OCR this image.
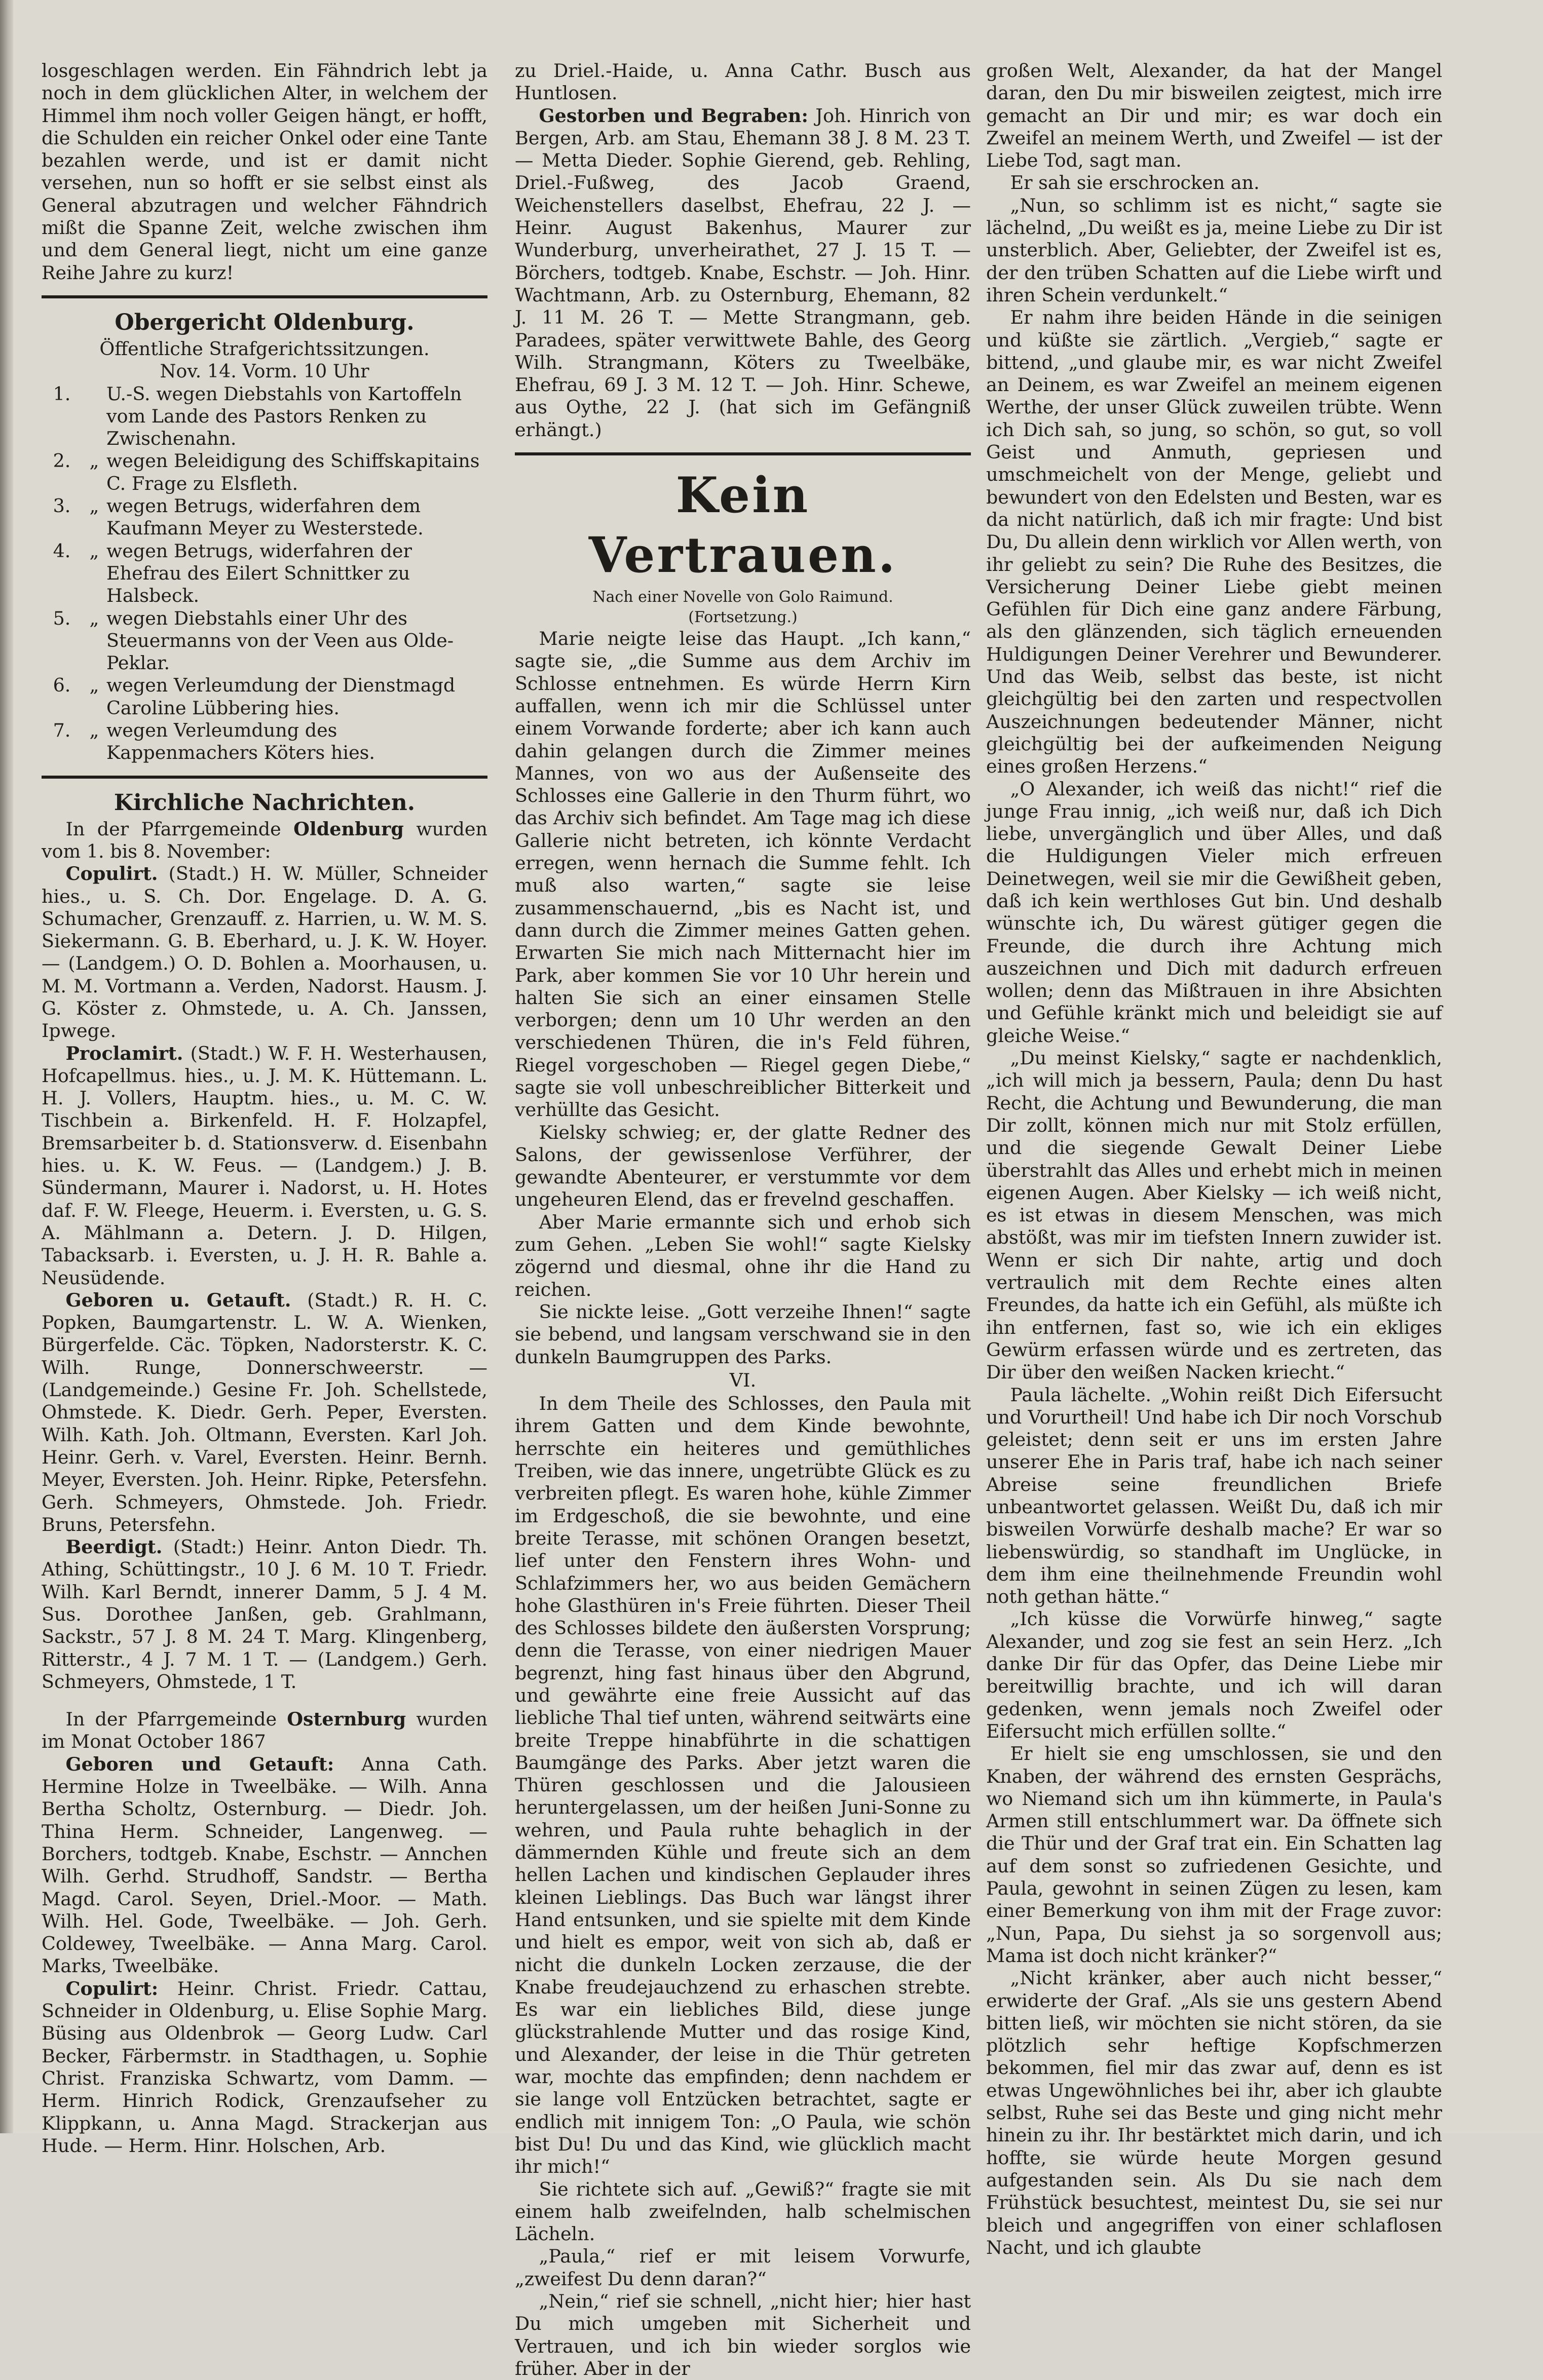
losgeschlagen werden. Ein Fähndrich lebt ja noch in dem glücklichen Alter, in welchem der Himmel ihm noch voller Geigen hängt, er hofft, die Schulden ein reicher Onkel oder eine Tante bezahlen werde, und ist er damit nicht versehen, nun so hofft er sie selbst einst als General abzutragen und welcher Fähndrich mißt die Spanne Zeit, welche zwischen ihm und dem General liegt, nicht um eine ganze Reihe Jahre zu kurz!

Obergericht Oldenburg.

Öffentliche Strafgerichtssitzungen.

Nov. 14. Vorm. 10 Uhr

1.	U.-S. wegen Diebstahls von Kartoffeln vom Lande des Pastors Renken zu Zwischenahn.
2.	„ wegen Beleidigung des Schiffskapitains C. Frage zu Elsfleth.
3.	„ wegen Betrugs, widerfahren dem Kaufmann Meyer zu Westerstede.
4.	„ wegen Betrugs, widerfahren der Ehefrau des Eilert Schnittker zu Halsbeck.
5.	„ wegen Diebstahls einer Uhr des Steuermanns von der Veen aus Olde-Peklar.
6.	„ wegen Verleumdung der Dienstmagd Caroline Lübbering hies.
7.	„ wegen Verleumdung des Kappenmachers Köters hies.
Kirchliche Nachrichten.

In der Pfarrgemeinde Oldenburg wurden vom 1. bis 8. November:

Copulirt. (Stadt.) H. W. Müller, Schneider hies., u. S. Ch. Dor. Engelage. D. A. G. Schumacher, Grenzauff. z. Harrien, u. W. M. S. Siekermann. G. B. Eberhard, u. J. K. W. Hoyer. — (Landgem.) O. D. Bohlen a. Moorhausen, u. M. M. Vortmann a. Verden, Nadorst. Hausm. J. G. Köster z. Ohmstede, u. A. Ch. Janssen, Ipwege.

Proclamirt. (Stadt.) W. F. H. Westerhausen, Hofcapellmus. hies., u. J. M. K. Hüttemann. L. H. J. Vollers, Hauptm. hies., u. M. C. W. Tischbein a. Birkenfeld. H. F. Holzapfel, Bremsarbeiter b. d. Stationsverw. d. Eisenbahn hies. u. K. W. Feus. — (Landgem.) J. B. Sündermann, Maurer i. Nadorst, u. H. Hotes daf. F. W. Fleege, Heuerm. i. Eversten, u. G. S. A. Mählmann a. Detern. J. D. Hilgen, Tabacksarb. i. Eversten, u. J. H. R. Bahle a. Neusüdende.

Geboren u. Getauft. (Stadt.) R. H. C. Popken, Baumgartenstr. L. W. A. Wienken, Bürgerfelde. Cäc. Töpken, Nadorsterstr. K. C. Wilh. Runge, Donnerschweerstr. — (Landgemeinde.) Gesine Fr. Joh. Schellstede, Ohmstede. K. Diedr. Gerh. Peper, Eversten. Wilh. Kath. Joh. Oltmann, Eversten. Karl Joh. Heinr. Gerh. v. Varel, Eversten. Heinr. Bernh. Meyer, Eversten. Joh. Heinr. Ripke, Petersfehn. Gerh. Schmeyers, Ohmstede. Joh. Friedr. Bruns, Petersfehn.

Beerdigt. (Stadt:) Heinr. Anton Diedr. Th. Athing, Schüttingstr., 10 J. 6 M. 10 T. Friedr. Wilh. Karl Berndt, innerer Damm, 5 J. 4 M. Sus. Dorothee Janßen, geb. Grahlmann, Sackstr., 57 J. 8 M. 24 T. Marg. Klingenberg, Ritterstr., 4 J. 7 M. 1 T. — (Landgem.) Gerh. Schmeyers, Ohmstede, 1 T.

In der Pfarrgemeinde Osternburg wurden im Monat October 1867

Geboren und Getauft: Anna Cath. Hermine Holze in Tweelbäke. — Wilh. Anna Bertha Scholtz, Osternburg. — Diedr. Joh. Thina Herm. Schneider, Langenweg. — Borchers, todtgeb. Knabe, Eschstr. — Annchen Wilh. Gerhd. Strudhoff, Sandstr. — Bertha Magd. Carol. Seyen, Driel.-Moor. — Math. Wilh. Hel. Gode, Tweelbäke. — Joh. Gerh. Coldewey, Tweelbäke. — Anna Marg. Carol. Marks, Tweelbäke.

Copulirt: Heinr. Christ. Friedr. Cattau, Schneider in Oldenburg, u. Elise Sophie Marg. Büsing aus Oldenbrok — Georg Ludw. Carl Becker, Färbermstr. in Stadthagen, u. Sophie Christ. Franziska Schwartz, vom Damm. — Herm. Hinrich Rodick, Grenzaufseher zu Klippkann, u. Anna Magd. Strackerjan aus Hude. — Herm. Hinr. Holschen, Arb.

zu Driel.-Haide, u. Anna Cathr. Busch aus Huntlosen.

Gestorben und Begraben: Joh. Hinrich von Bergen, Arb. am Stau, Ehemann 38 J. 8 M. 23 T. — Metta Dieder. Sophie Gierend, geb. Rehling, Driel.-Fußweg, des Jacob Graend, Weichenstellers daselbst, Ehefrau, 22 J. — Heinr. August Bakenhus, Maurer zur Wunderburg, unverheirathet, 27 J. 15 T. — Börchers, todtgeb. Knabe, Eschstr. — Joh. Hinr. Wachtmann, Arb. zu Osternburg, Ehemann, 82 J. 11 M. 26 T. — Mette Strangmann, geb. Paradees, später verwittwete Bahle, des Georg Wilh. Strangmann, Köters zu Tweelbäke, Ehefrau, 69 J. 3 M. 12 T. — Joh. Hinr. Schewe, aus Oythe, 22 J. (hat sich im Gefängniß erhängt.)

Kein Vertrauen.

Nach einer Novelle von Golo Raimund.

(Fortsetzung.)

Marie neigte leise das Haupt. „Ich kann,“ sagte sie, „die Summe aus dem Archiv im Schlosse entnehmen. Es würde Herrn Kirn auffallen, wenn ich mir die Schlüssel unter einem Vorwande forderte; aber ich kann auch dahin gelangen durch die Zimmer meines Mannes, von wo aus der Außenseite des Schlosses eine Gallerie in den Thurm führt, wo das Archiv sich befindet. Am Tage mag ich diese Gallerie nicht betreten, ich könnte Verdacht erregen, wenn hernach die Summe fehlt. Ich muß also warten,“ sagte sie leise zusammenschauernd, „bis es Nacht ist, und dann durch die Zimmer meines Gatten gehen. Erwarten Sie mich nach Mitternacht hier im Park, aber kommen Sie vor 10 Uhr herein und halten Sie sich an einer einsamen Stelle verborgen; denn um 10 Uhr werden an den verschiedenen Thüren, die in's Feld führen, Riegel vorgeschoben — Riegel gegen Diebe,“ sagte sie voll unbeschreiblicher Bitterkeit und verhüllte das Gesicht.

Kielsky schwieg; er, der glatte Redner des Salons, der gewissenlose Verführer, der gewandte Abenteurer, er verstummte vor dem ungeheuren Elend, das er frevelnd geschaffen.

Aber Marie ermannte sich und erhob sich zum Gehen. „Leben Sie wohl!“ sagte Kielsky zögernd und diesmal, ohne ihr die Hand zu reichen.

Sie nickte leise. „Gott verzeihe Ihnen!“ sagte sie bebend, und langsam verschwand sie in den dunkeln Baumgruppen des Parks.

VI.

In dem Theile des Schlosses, den Paula mit ihrem Gatten und dem Kinde bewohnte, herrschte ein heiteres und gemüthliches Treiben, wie das innere, ungetrübte Glück es zu verbreiten pflegt. Es waren hohe, kühle Zimmer im Erdgeschoß, die sie bewohnte, und eine breite Terasse, mit schönen Orangen besetzt, lief unter den Fenstern ihres Wohn- und Schlafzimmers her, wo aus beiden Gemächern hohe Glasthüren in's Freie führten. Dieser Theil des Schlosses bildete den äußersten Vorsprung; denn die Terasse, von einer niedrigen Mauer begrenzt, hing fast hinaus über den Abgrund, und gewährte eine freie Aussicht auf das liebliche Thal tief unten, während seitwärts eine breite Treppe hinabführte in die schattigen Baumgänge des Parks. Aber jetzt waren die Thüren geschlossen und die Jalousieen heruntergelassen, um der heißen Juni-Sonne zu wehren, und Paula ruhte behaglich in der dämmernden Kühle und freute sich an dem hellen Lachen und kindischen Geplauder ihres kleinen Lieblings. Das Buch war längst ihrer Hand entsunken, und sie spielte mit dem Kinde und hielt es empor, weit von sich ab, daß er nicht die dunkeln Locken zerzause, die der Knabe freudejauchzend zu erhaschen strebte. Es war ein liebliches Bild, diese junge glückstrahlende Mutter und das rosige Kind, und Alexander, der leise in die Thür getreten war, mochte das empfinden; denn nachdem er sie lange voll Entzücken betrachtet, sagte er endlich mit innigem Ton: „O Paula, wie schön bist Du! Du und das Kind, wie glücklich macht ihr mich!“

Sie richtete sich auf. „Gewiß?“ fragte sie mit einem halb zweifelnden, halb schelmischen Lächeln.

„Paula,“ rief er mit leisem Vorwurfe, „zweifest Du denn daran?“

„Nein,“ rief sie schnell, „nicht hier; hier hast Du mich umgeben mit Sicherheit und Vertrauen, und ich bin wieder sorglos wie früher. Aber in der

großen Welt, Alexander, da hat der Mangel daran, den Du mir bisweilen zeigtest, mich irre gemacht an Dir und mir; es war doch ein Zweifel an meinem Werth, und Zweifel — ist der Liebe Tod, sagt man.

Er sah sie erschrocken an.

„Nun, so schlimm ist es nicht,“ sagte sie lächelnd, „Du weißt es ja, meine Liebe zu Dir ist unsterblich. Aber, Geliebter, der Zweifel ist es, der den trüben Schatten auf die Liebe wirft und ihren Schein verdunkelt.“

Er nahm ihre beiden Hände in die seinigen und küßte sie zärtlich. „Vergieb,“ sagte er bittend, „und glaube mir, es war nicht Zweifel an Deinem, es war Zweifel an meinem eigenen Werthe, der unser Glück zuweilen trübte. Wenn ich Dich sah, so jung, so schön, so gut, so voll Geist und Anmuth, gepriesen und umschmeichelt von der Menge, geliebt und bewundert von den Edelsten und Besten, war es da nicht natürlich, daß ich mir fragte: Und bist Du, Du allein denn wirklich vor Allen werth, von ihr geliebt zu sein? Die Ruhe des Besitzes, die Versicherung Deiner Liebe giebt meinen Gefühlen für Dich eine ganz andere Färbung, als den glänzenden, sich täglich erneuenden Huldigungen Deiner Verehrer und Bewunderer. Und das Weib, selbst das beste, ist nicht gleichgültig bei den zarten und respectvollen Auszeichnungen bedeutender Männer, nicht gleichgültig bei der aufkeimenden Neigung eines großen Herzens.“

„O Alexander, ich weiß das nicht!“ rief die junge Frau innig, „ich weiß nur, daß ich Dich liebe, unvergänglich und über Alles, und daß die Huldigungen Vieler mich erfreuen Deinetwegen, weil sie mir die Gewißheit geben, daß ich kein werthloses Gut bin. Und deshalb wünschte ich, Du wärest gütiger gegen die Freunde, die durch ihre Achtung mich auszeichnen und Dich mit dadurch erfreuen wollen; denn das Mißtrauen in ihre Absichten und Gefühle kränkt mich und beleidigt sie auf gleiche Weise.“

„Du meinst Kielsky,“ sagte er nachdenklich, „ich will mich ja bessern, Paula; denn Du hast Recht, die Achtung und Bewunderung, die man Dir zollt, können mich nur mit Stolz erfüllen, und die siegende Gewalt Deiner Liebe überstrahlt das Alles und erhebt mich in meinen eigenen Augen. Aber Kielsky — ich weiß nicht, es ist etwas in diesem Menschen, was mich abstößt, was mir im tiefsten Innern zuwider ist. Wenn er sich Dir nahte, artig und doch vertraulich mit dem Rechte eines alten Freundes, da hatte ich ein Gefühl, als müßte ich ihn entfernen, fast so, wie ich ein ekliges Gewürm erfassen würde und es zertreten, das Dir über den weißen Nacken kriecht.“

Paula lächelte. „Wohin reißt Dich Eifersucht und Vorurtheil! Und habe ich Dir noch Vorschub geleistet; denn seit er uns im ersten Jahre unserer Ehe in Paris traf, habe ich nach seiner Abreise seine freundlichen Briefe unbeantwortet gelassen. Weißt Du, daß ich mir bisweilen Vorwürfe deshalb mache? Er war so liebenswürdig, so standhaft im Unglücke, in dem ihm eine theilnehmende Freundin wohl noth gethan hätte.“

„Ich küsse die Vorwürfe hinweg,“ sagte Alexander, und zog sie fest an sein Herz. „Ich danke Dir für das Opfer, das Deine Liebe mir bereitwillig brachte, und ich will daran gedenken, wenn jemals noch Zweifel oder Eifersucht mich erfüllen sollte.“

Er hielt sie eng umschlossen, sie und den Knaben, der während des ernsten Gesprächs, wo Niemand sich um ihn kümmerte, in Paula's Armen still entschlummert war. Da öffnete sich die Thür und der Graf trat ein. Ein Schatten lag auf dem sonst so zufriedenen Gesichte, und Paula, gewohnt in seinen Zügen zu lesen, kam einer Bemerkung von ihm mit der Frage zuvor: „Nun, Papa, Du siehst ja so sorgenvoll aus; Mama ist doch nicht kränker?“

„Nicht kränker, aber auch nicht besser,“ erwiderte der Graf. „Als sie uns gestern Abend bitten ließ, wir möchten sie nicht stören, da sie plötzlich sehr heftige Kopfschmerzen bekommen, fiel mir das zwar auf, denn es ist etwas Ungewöhnliches bei ihr, aber ich glaubte selbst, Ruhe sei das Beste und ging nicht mehr hinein zu ihr. Ihr bestärktet mich darin, und ich hoffte, sie würde heute Morgen gesund aufgestanden sein. Als Du sie nach dem Frühstück besuchtest, meintest Du, sie sei nur bleich und angegriffen von einer schlaflosen Nacht, und ich glaubte
